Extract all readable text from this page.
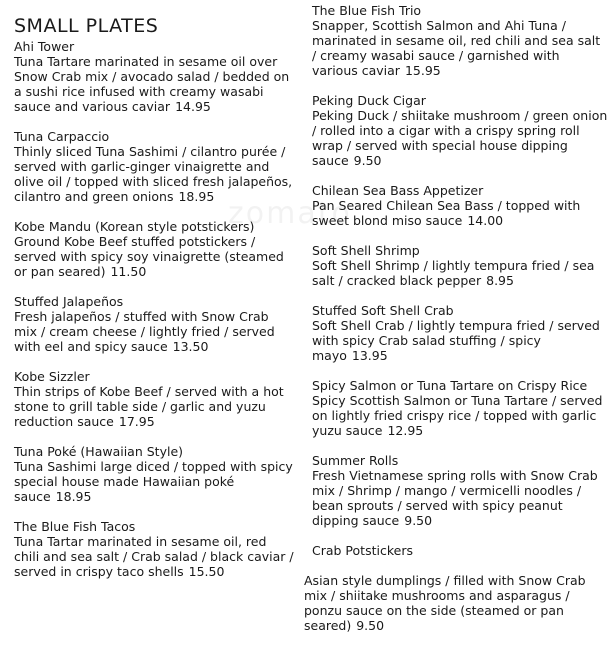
zomato
SMALL PLATES
Ahi Tower
Tuna Tartare marinated in sesame oil over Snow Crab mix / avocado salad / bedded on a sushi rice infused with creamy wasabi sauce and various caviar 14.95
Tuna Carpaccio
Thinly sliced Tuna Sashimi / cilantro purée / served with garlic-ginger vinaigrette and olive oil / topped with sliced fresh jalapeños, cilantro and green onions 18.95
Kobe Mandu (Korean style potstickers)
Ground Kobe Beef stuffed potstickers / served with spicy soy vinaigrette (steamed or pan seared) 11.50
Stuffed Jalapeños
Fresh jalapeños / stuffed with Snow Crab mix / cream cheese / lightly fried / served with eel and spicy sauce 13.50
Kobe Sizzler
Thin strips of Kobe Beef / served with a hot stone to grill table side / garlic and yuzu reduction sauce 17.95
Tuna Poké (Hawaiian Style)
Tuna Sashimi large diced / topped with spicy special house made Hawaiian poké sauce 18.95
The Blue Fish Tacos
Tuna Tartar marinated in sesame oil, red chili and sea salt / Crab salad / black caviar / served in crispy taco shells 15.50
The Blue Fish Trio
Snapper, Scottish Salmon and Ahi Tuna / marinated in sesame oil, red chili and sea salt / creamy wasabi sauce / garnished with various caviar 15.95
Peking Duck Cigar
Peking Duck / shiitake mushroom / green onion / rolled into a cigar with a crispy spring roll wrap / served with special house dipping sauce 9.50
Chilean Sea Bass Appetizer
Pan Seared Chilean Sea Bass / topped with sweet blond miso sauce 14.00
Soft Shell Shrimp
Soft Shell Shrimp / lightly tempura fried / sea salt / cracked black pepper 8.95
Stuffed Soft Shell Crab
Soft Shell Crab / lightly tempura fried / served with spicy Crab salad stuffing / spicy mayo 13.95
Spicy Salmon or Tuna Tartare on Crispy Rice
Spicy Scottish Salmon or Tuna Tartare / served on lightly fried crispy rice / topped with garlic yuzu sauce 12.95
Summer Rolls
Fresh Vietnamese spring rolls with Snow Crab mix / Shrimp / mango / vermicelli noodles / bean sprouts / served with spicy peanut dipping sauce 9.50
Crab Potstickers
Asian style dumplings / filled with Snow Crab mix / shiitake mushrooms and asparagus / ponzu sauce on the side (steamed or pan seared) 9.50
